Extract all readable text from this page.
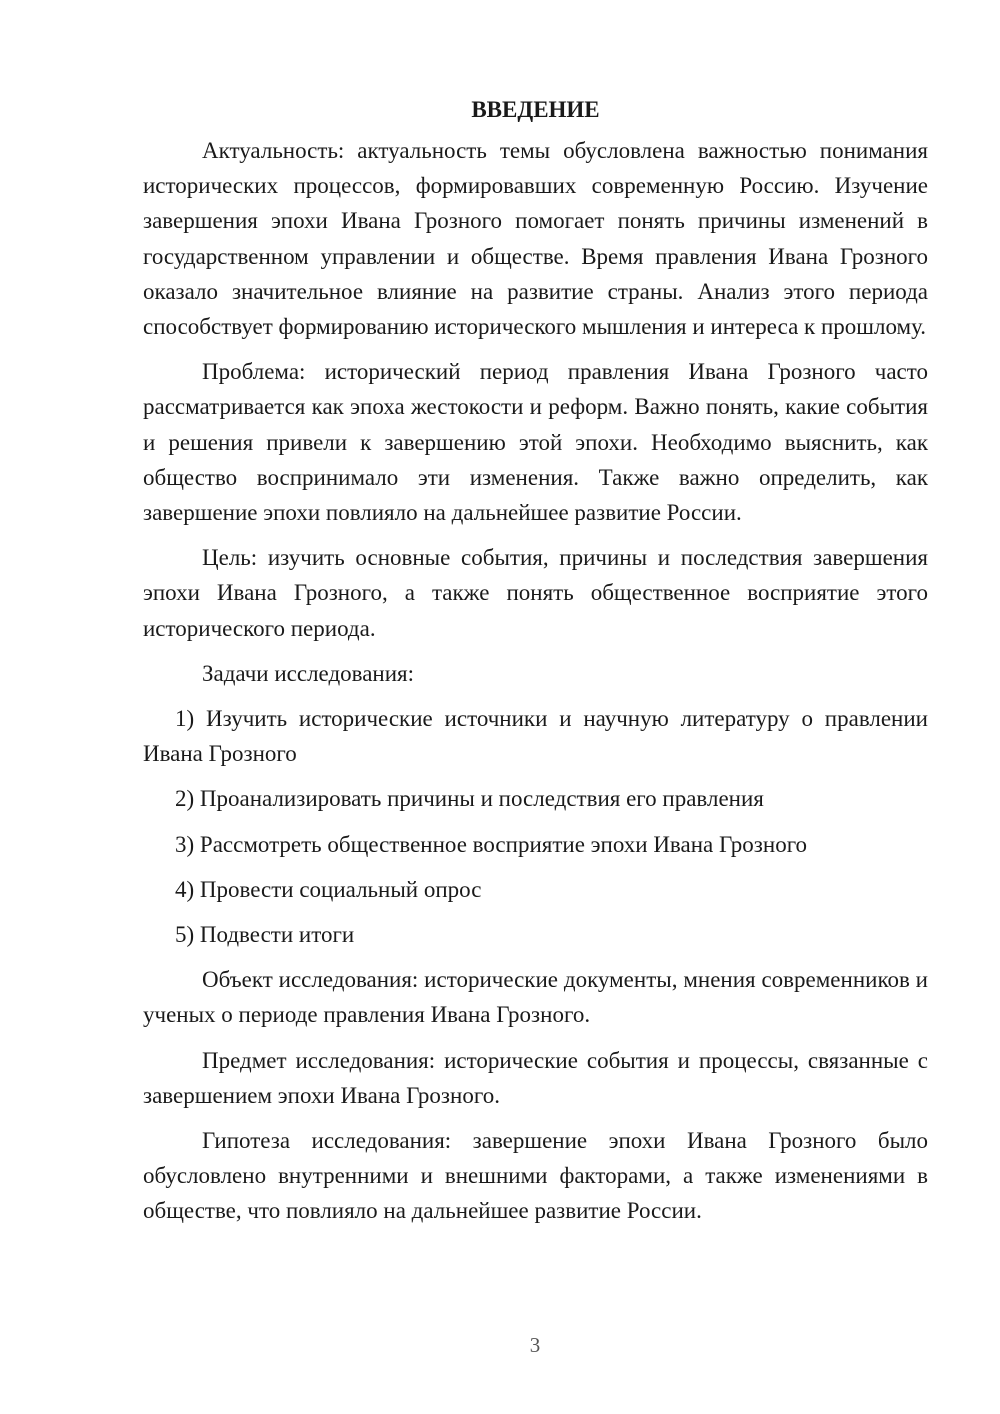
ВВЕДЕНИЕ

Актуальность: актуальность темы обусловлена важностью понимания исторических процессов, формировавших современную Россию. Изучение завершения эпохи Ивана Грозного помогает понять причины изменений в государственном управлении и обществе. Время правления Ивана Грозного оказало значительное влияние на развитие страны. Анализ этого периода способствует формированию исторического мышления и интереса к прошлому.

Проблема: исторический период правления Ивана Грозного часто рассматривается как эпоха жестокости и реформ. Важно понять, какие события и решения привели к завершению этой эпохи. Необходимо выяснить, как общество воспринимало эти изменения. Также важно определить, как завершение эпохи повлияло на дальнейшее развитие России.

Цель: изучить основные события, причины и последствия завершения эпохи Ивана Грозного, а также понять общественное восприятие этого исторического периода.

Задачи исследования:

1) Изучить исторические источники и научную литературу о правлении Ивана Грозного

2) Проанализировать причины и последствия его правления

3) Рассмотреть общественное восприятие эпохи Ивана Грозного

4) Провести социальный опрос

5) Подвести итоги

Объект исследования: исторические документы, мнения современников и ученых о периоде правления Ивана Грозного.

Предмет исследования: исторические события и процессы, связанные с завершением эпохи Ивана Грозного.

Гипотеза исследования: завершение эпохи Ивана Грозного было обусловлено внутренними и внешними факторами, а также изменениями в обществе, что повлияло на дальнейшее развитие России.

3
